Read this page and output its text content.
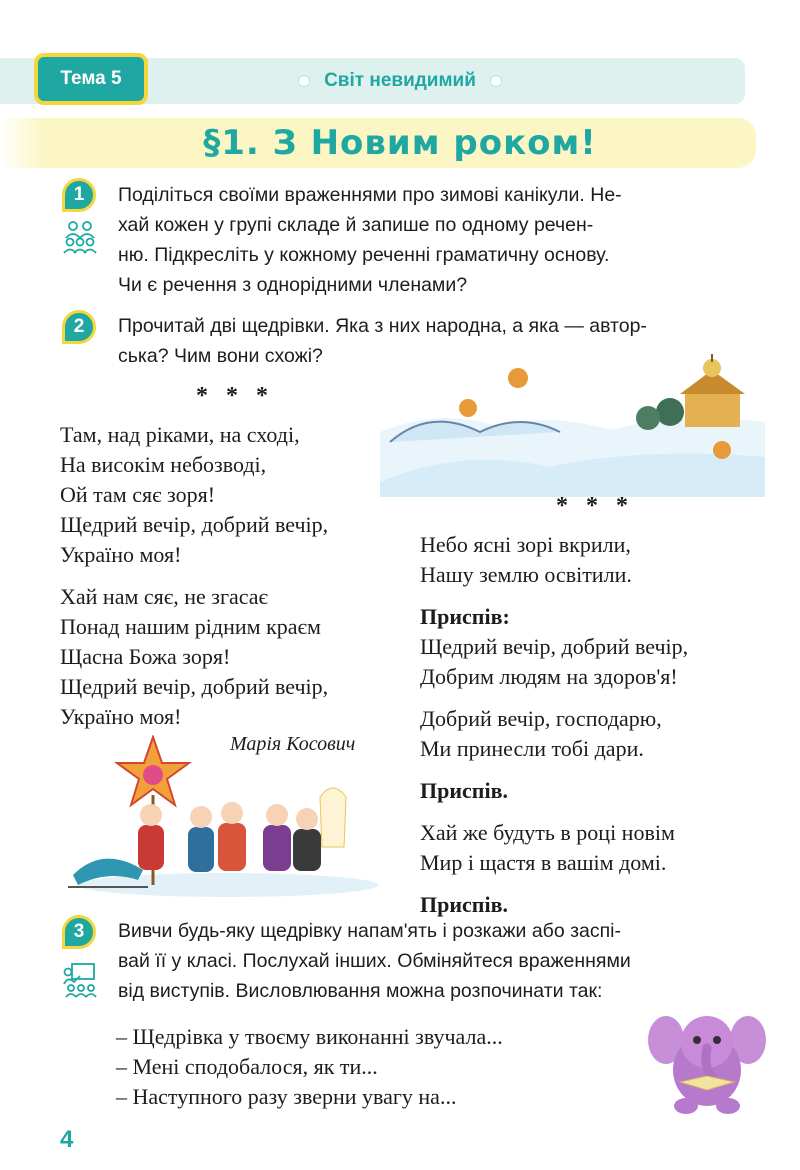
Тема 5	Світ невидимий
§1. З Новим роком!
1	Поділіться своїми враженнями про зимові канікули. Не-

хай кожен у групі складе й запише по одному речен-

ню. Підкресліть у кожному реченні граматичну основу.

Чи є речення з однорідними членами?

2	Прочитай дві щедрівки. Яка з них народна, а яка — автор-

ська? Чим вони схожі?

* * *
* * *

Там, над ріками, на сході,

На високім небозводі,

Ой там сяє зоря!

Щедрий вечір, добрий вечір,

Україно моя!

Хай нам сяє, не згасає

Понад нашим рідним краєм

Щасна Божа зоря!

Щедрий вечір, добрий вечір,

Україно моя!

Марія Косович

Небо ясні зорі вкрили,

Нашу землю освітили.

Приспів:

Щедрий вечір, добрий вечір,

Добрим людям на здоров'я!

Добрий вечір, господарю,

Ми принесли тобі дари.

Приспів.

Хай же будуть в році новім

Мир і щастя в вашім домі.

Приспів.

3	Вивчи будь-яку щедрівку напам'ять і розкажи або заспі-

вай її у класі. Послухай інших. Обміняйтеся враженнями

від виступів. Висловлювання можна розпочинати так:

– Щедрівка у твоєму виконанні звучала...

– Мені сподобалося, як ти...

– Наступного разу зверни увагу на...

4
